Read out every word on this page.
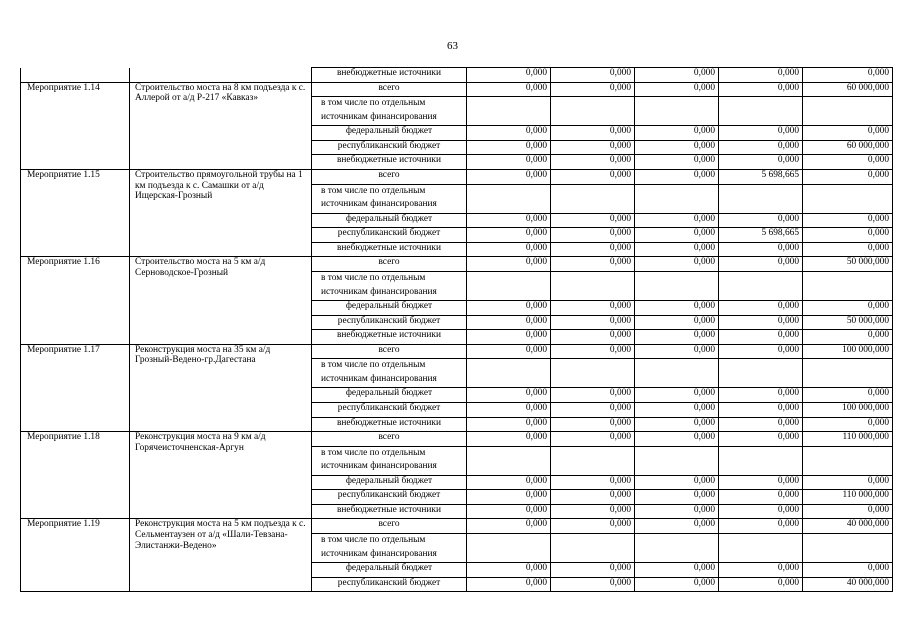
63
		внебюджетные источники	0,000	0,000	0,000	0,000	0,000
Мероприятие 1.14	Строительство моста на 8 км подъезда к с. Аллерой от а/д Р-217 «Кавказ»	всего	0,000	0,000	0,000	0,000	60 000,000
		в том числе по отдельным источникам финансирования					
		федеральный бюджет	0,000	0,000	0,000	0,000	0,000
		республиканский бюджет	0,000	0,000	0,000	0,000	60 000,000
		внебюджетные источники	0,000	0,000	0,000	0,000	0,000
Мероприятие 1.15	Строительство прямоугольной трубы на 1 км подъезда к с. Самашки от а/д Ищерская-Грозный	всего	0,000	0,000	0,000	5 698,665	0,000
		в том числе по отдельным источникам финансирования					
		федеральный бюджет	0,000	0,000	0,000	0,000	0,000
		республиканский бюджет	0,000	0,000	0,000	5 698,665	0,000
		внебюджетные источники	0,000	0,000	0,000	0,000	0,000
Мероприятие 1.16	Строительство моста на 5 км а/д Серноводское-Грозный	всего	0,000	0,000	0,000	0,000	50 000,000
		в том числе по отдельным источникам финансирования					
		федеральный бюджет	0,000	0,000	0,000	0,000	0,000
		республиканский бюджет	0,000	0,000	0,000	0,000	50 000,000
		внебюджетные источники	0,000	0,000	0,000	0,000	0,000
Мероприятие 1.17	Реконструкция моста на 35 км а/д Грозный-Ведено-гр.Дагестана	всего	0,000	0,000	0,000	0,000	100 000,000
		в том числе по отдельным источникам финансирования					
		федеральный бюджет	0,000	0,000	0,000	0,000	0,000
		республиканский бюджет	0,000	0,000	0,000	0,000	100 000,000
		внебюджетные источники	0,000	0,000	0,000	0,000	0,000
Мероприятие 1.18	Реконструкция моста на 9 км а/д Горячеисточненская-Аргун	всего	0,000	0,000	0,000	0,000	110 000,000
		в том числе по отдельным источникам финансирования					
		федеральный бюджет	0,000	0,000	0,000	0,000	0,000
		республиканский бюджет	0,000	0,000	0,000	0,000	110 000,000
		внебюджетные источники	0,000	0,000	0,000	0,000	0,000
Мероприятие 1.19	Реконструкция моста на 5 км подъезда к с. Сельментаузен от а/д «Шали-Тевзана-Элистанжи-Ведено»	всего	0,000	0,000	0,000	0,000	40 000,000
		в том числе по отдельным источникам финансирования					
		федеральный бюджет	0,000	0,000	0,000	0,000	0,000
		республиканский бюджет	0,000	0,000	0,000	0,000	40 000,000
